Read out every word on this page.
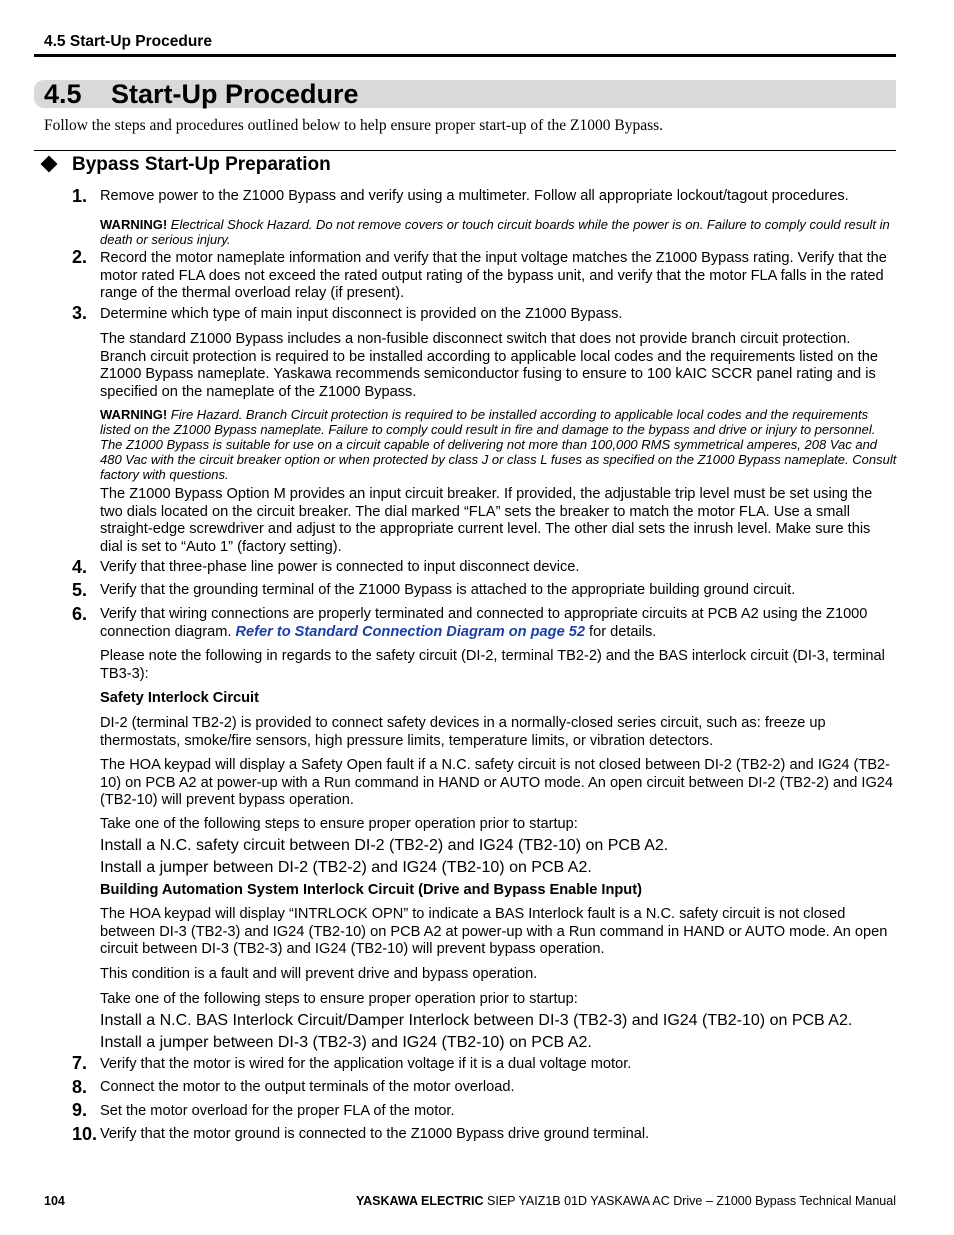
4.5 Start-Up Procedure
4.5 Start-Up Procedure
Follow the steps and procedures outlined below to help ensure proper start-up of the Z1000 Bypass.
Bypass Start-Up Preparation
1. Remove power to the Z1000 Bypass and verify using a multimeter. Follow all appropriate lockout/tagout procedures.
WARNING! Electrical Shock Hazard. Do not remove covers or touch circuit boards while the power is on. Failure to comply could result in death or serious injury.
2. Record the motor nameplate information and verify that the input voltage matches the Z1000 Bypass rating. Verify that the motor rated FLA does not exceed the rated output rating of the bypass unit, and verify that the motor FLA falls in the rated range of the thermal overload relay (if present).
3. Determine which type of main input disconnect is provided on the Z1000 Bypass.
The standard Z1000 Bypass includes a non-fusible disconnect switch that does not provide branch circuit protection. Branch circuit protection is required to be installed according to applicable local codes and the requirements listed on the Z1000 Bypass nameplate. Yaskawa recommends semiconductor fusing to ensure to 100 kAIC SCCR panel rating and is specified on the nameplate of the Z1000 Bypass.
WARNING! Fire Hazard. Branch Circuit protection is required to be installed according to applicable local codes and the requirements listed on the Z1000 Bypass nameplate. Failure to comply could result in fire and damage to the bypass and drive or injury to personnel. The Z1000 Bypass is suitable for use on a circuit capable of delivering not more than 100,000 RMS symmetrical amperes, 208 Vac and 480 Vac with the circuit breaker option or when protected by class J or class L fuses as specified on the Z1000 Bypass nameplate. Consult factory with questions.
The Z1000 Bypass Option M provides an input circuit breaker. If provided, the adjustable trip level must be set using the two dials located on the circuit breaker. The dial marked “FLA” sets the breaker to match the motor FLA. Use a small straight-edge screwdriver and adjust to the appropriate current level. The other dial sets the inrush level. Make sure this dial is set to “Auto 1” (factory setting).
4. Verify that three-phase line power is connected to input disconnect device.
5. Verify that the grounding terminal of the Z1000 Bypass is attached to the appropriate building ground circuit.
6. Verify that wiring connections are properly terminated and connected to appropriate circuits at PCB A2 using the Z1000 connection diagram. Refer to Standard Connection Diagram on page 52 for details.
Please note the following in regards to the safety circuit (DI-2, terminal TB2-2) and the BAS interlock circuit (DI-3, terminal TB3-3):
Safety Interlock Circuit
DI-2 (terminal TB2-2) is provided to connect safety devices in a normally-closed series circuit, such as: freeze up thermostats, smoke/fire sensors, high pressure limits, temperature limits, or vibration detectors.
The HOA keypad will display a Safety Open fault if a N.C. safety circuit is not closed between DI-2 (TB2-2) and IG24 (TB2-10) on PCB A2 at power-up with a Run command in HAND or AUTO mode. An open circuit between DI-2 (TB2-2) and IG24 (TB2-10) will prevent bypass operation.
Take one of the following steps to ensure proper operation prior to startup:
Install a N.C. safety circuit between DI-2 (TB2-2) and IG24 (TB2-10) on PCB A2.
Install a jumper between DI-2 (TB2-2) and IG24 (TB2-10) on PCB A2.
Building Automation System Interlock Circuit (Drive and Bypass Enable Input)
The HOA keypad will display “INTRLOCK OPN” to indicate a BAS Interlock fault is a N.C. safety circuit is not closed between DI-3 (TB2-3) and IG24 (TB2-10) on PCB A2 at power-up with a Run command in HAND or AUTO mode. An open circuit between DI-3 (TB2-3) and IG24 (TB2-10) will prevent bypass operation.
This condition is a fault and will prevent drive and bypass operation.
Take one of the following steps to ensure proper operation prior to startup:
Install a N.C. BAS Interlock Circuit/Damper Interlock between DI-3 (TB2-3) and IG24 (TB2-10) on PCB A2.
Install a jumper between DI-3 (TB2-3) and IG24 (TB2-10) on PCB A2.
7. Verify that the motor is wired for the application voltage if it is a dual voltage motor.
8. Connect the motor to the output terminals of the motor overload.
9. Set the motor overload for the proper FLA of the motor.
10. Verify that the motor ground is connected to the Z1000 Bypass drive ground terminal.
104	YASKAWA ELECTRIC SIEP YAIZ1B 01D YASKAWA AC Drive – Z1000 Bypass Technical Manual
